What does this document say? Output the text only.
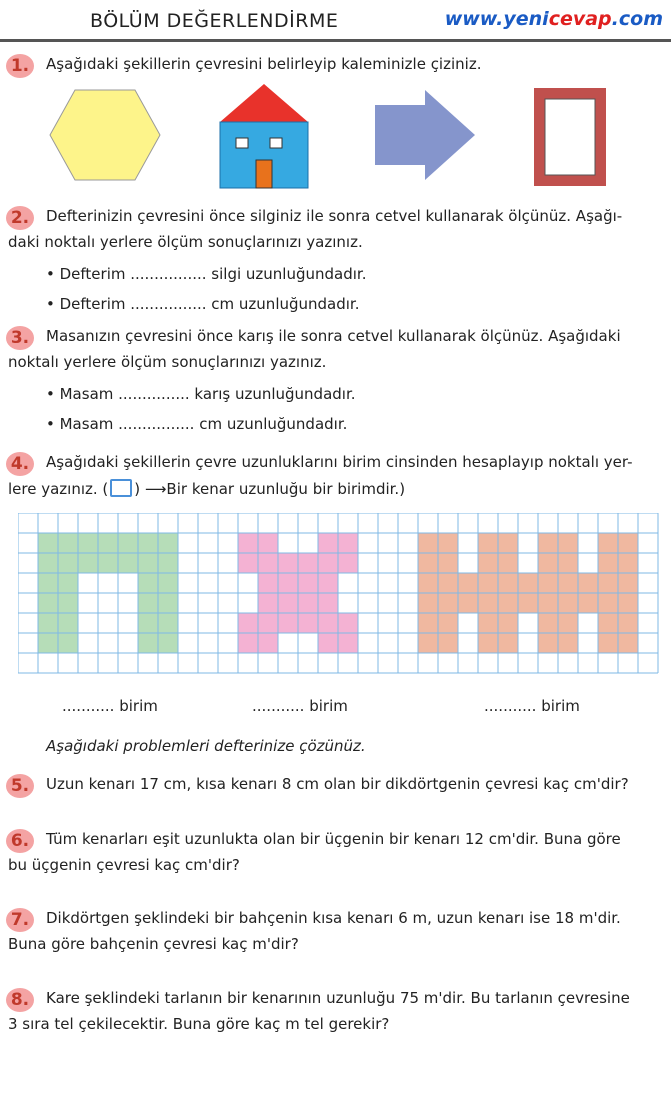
BÖLÜM DEĞERLENDİRME	www.yenicevap.com
1.	Aşağıdaki şekillerin çevresini belirleyip kaleminizle çiziniz.
2.	Defterinizin çevresini önce silginiz ile sonra cetvel kullanarak ölçünüz. Aşağı-
daki noktalı yerlere ölçüm sonuçlarınızı yazınız.
• Defterim ................ silgi uzunluğundadır.
• Defterim ................ cm uzunluğundadır.
3.	Masanızın çevresini önce karış ile sonra cetvel kullanarak ölçünüz. Aşağıdaki
noktalı yerlere ölçüm sonuçlarınızı yazınız.
• Masam ............... karış uzunluğundadır.
• Masam ................ cm uzunluğundadır.
4.	Aşağıdaki şekillerin çevre uzunluklarını birim cinsinden hesaplayıp noktalı yer-
lere yazınız. ( ) ⟶Bir kenar uzunluğu bir birimdir.)
........... birim	........... birim	........... birim
Aşağıdaki problemleri defterinize çözünüz.
5.	Uzun kenarı 17 cm, kısa kenarı 8 cm olan bir dikdörtgenin çevresi kaç cm'dir?
6.	Tüm kenarları eşit uzunlukta olan bir üçgenin bir kenarı 12 cm'dir. Buna göre
bu üçgenin çevresi kaç cm'dir?
7.	Dikdörtgen şeklindeki bir bahçenin kısa kenarı 6 m, uzun kenarı ise 18 m'dir.
Buna göre bahçenin çevresi kaç m'dir?
8.	Kare şeklindeki tarlanın bir kenarının uzunluğu 75 m'dir. Bu tarlanın çevresine
3 sıra tel çekilecektir. Buna göre kaç m tel gerekir?
